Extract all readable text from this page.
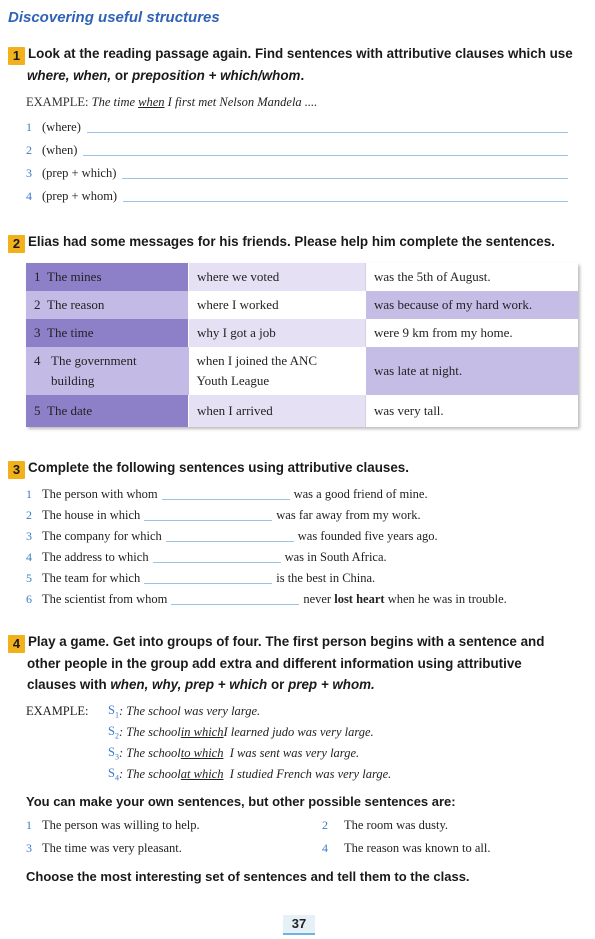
Discovering useful structures
1 Look at the reading passage again. Find sentences with attributive clauses which use
where, when, or preposition + which/whom.
EXAMPLE: The time when I first met Nelson Mandela ....
1 (where)
2 (when)
3 (prep + which)
4 (prep + whom)
2 Elias had some messages for his friends. Please help him complete the sentences.
1 The mines	where we voted	was the 5th of August.
2 The reason	where I worked	was because of my hard work.
3 The time	why I got a job	were 9 km from my home.

4 The government building	when I joined the ANC Youth League	was late at night.
5 The date	when I arrived	was very tall.
3 Complete the following sentences using attributive clauses.
1 The person with whom	was a good friend of mine.
2 The house in which	was far away from my work.
3 The company for which	was founded five years ago.
4 The address to which	was in South Africa.
5 The team for which	is the best in China.
6 The scientist from whom	never
lost heart
when he was in trouble.
4 Play a game. Get into groups of four. The first person begins with a sentence and
other people in the group add extra and different information using attributive
clauses with when, why, prep + which or prep + whom.
EXAMPLE:	$S_1$ : The school was very large.
$S_2$ : The school in which I learned judo was very large.
$S_3$ : The school to which I was sent was very large.
$S_4$ : The school at which I studied French was very large.
You can make your own sentences, but other possible sentences are:
1 The person was willing to help.	2	The room was dusty.
3 The time was very pleasant.	4	The reason was known to all.
Choose the most interesting set of sentences and tell them to the class.
37
